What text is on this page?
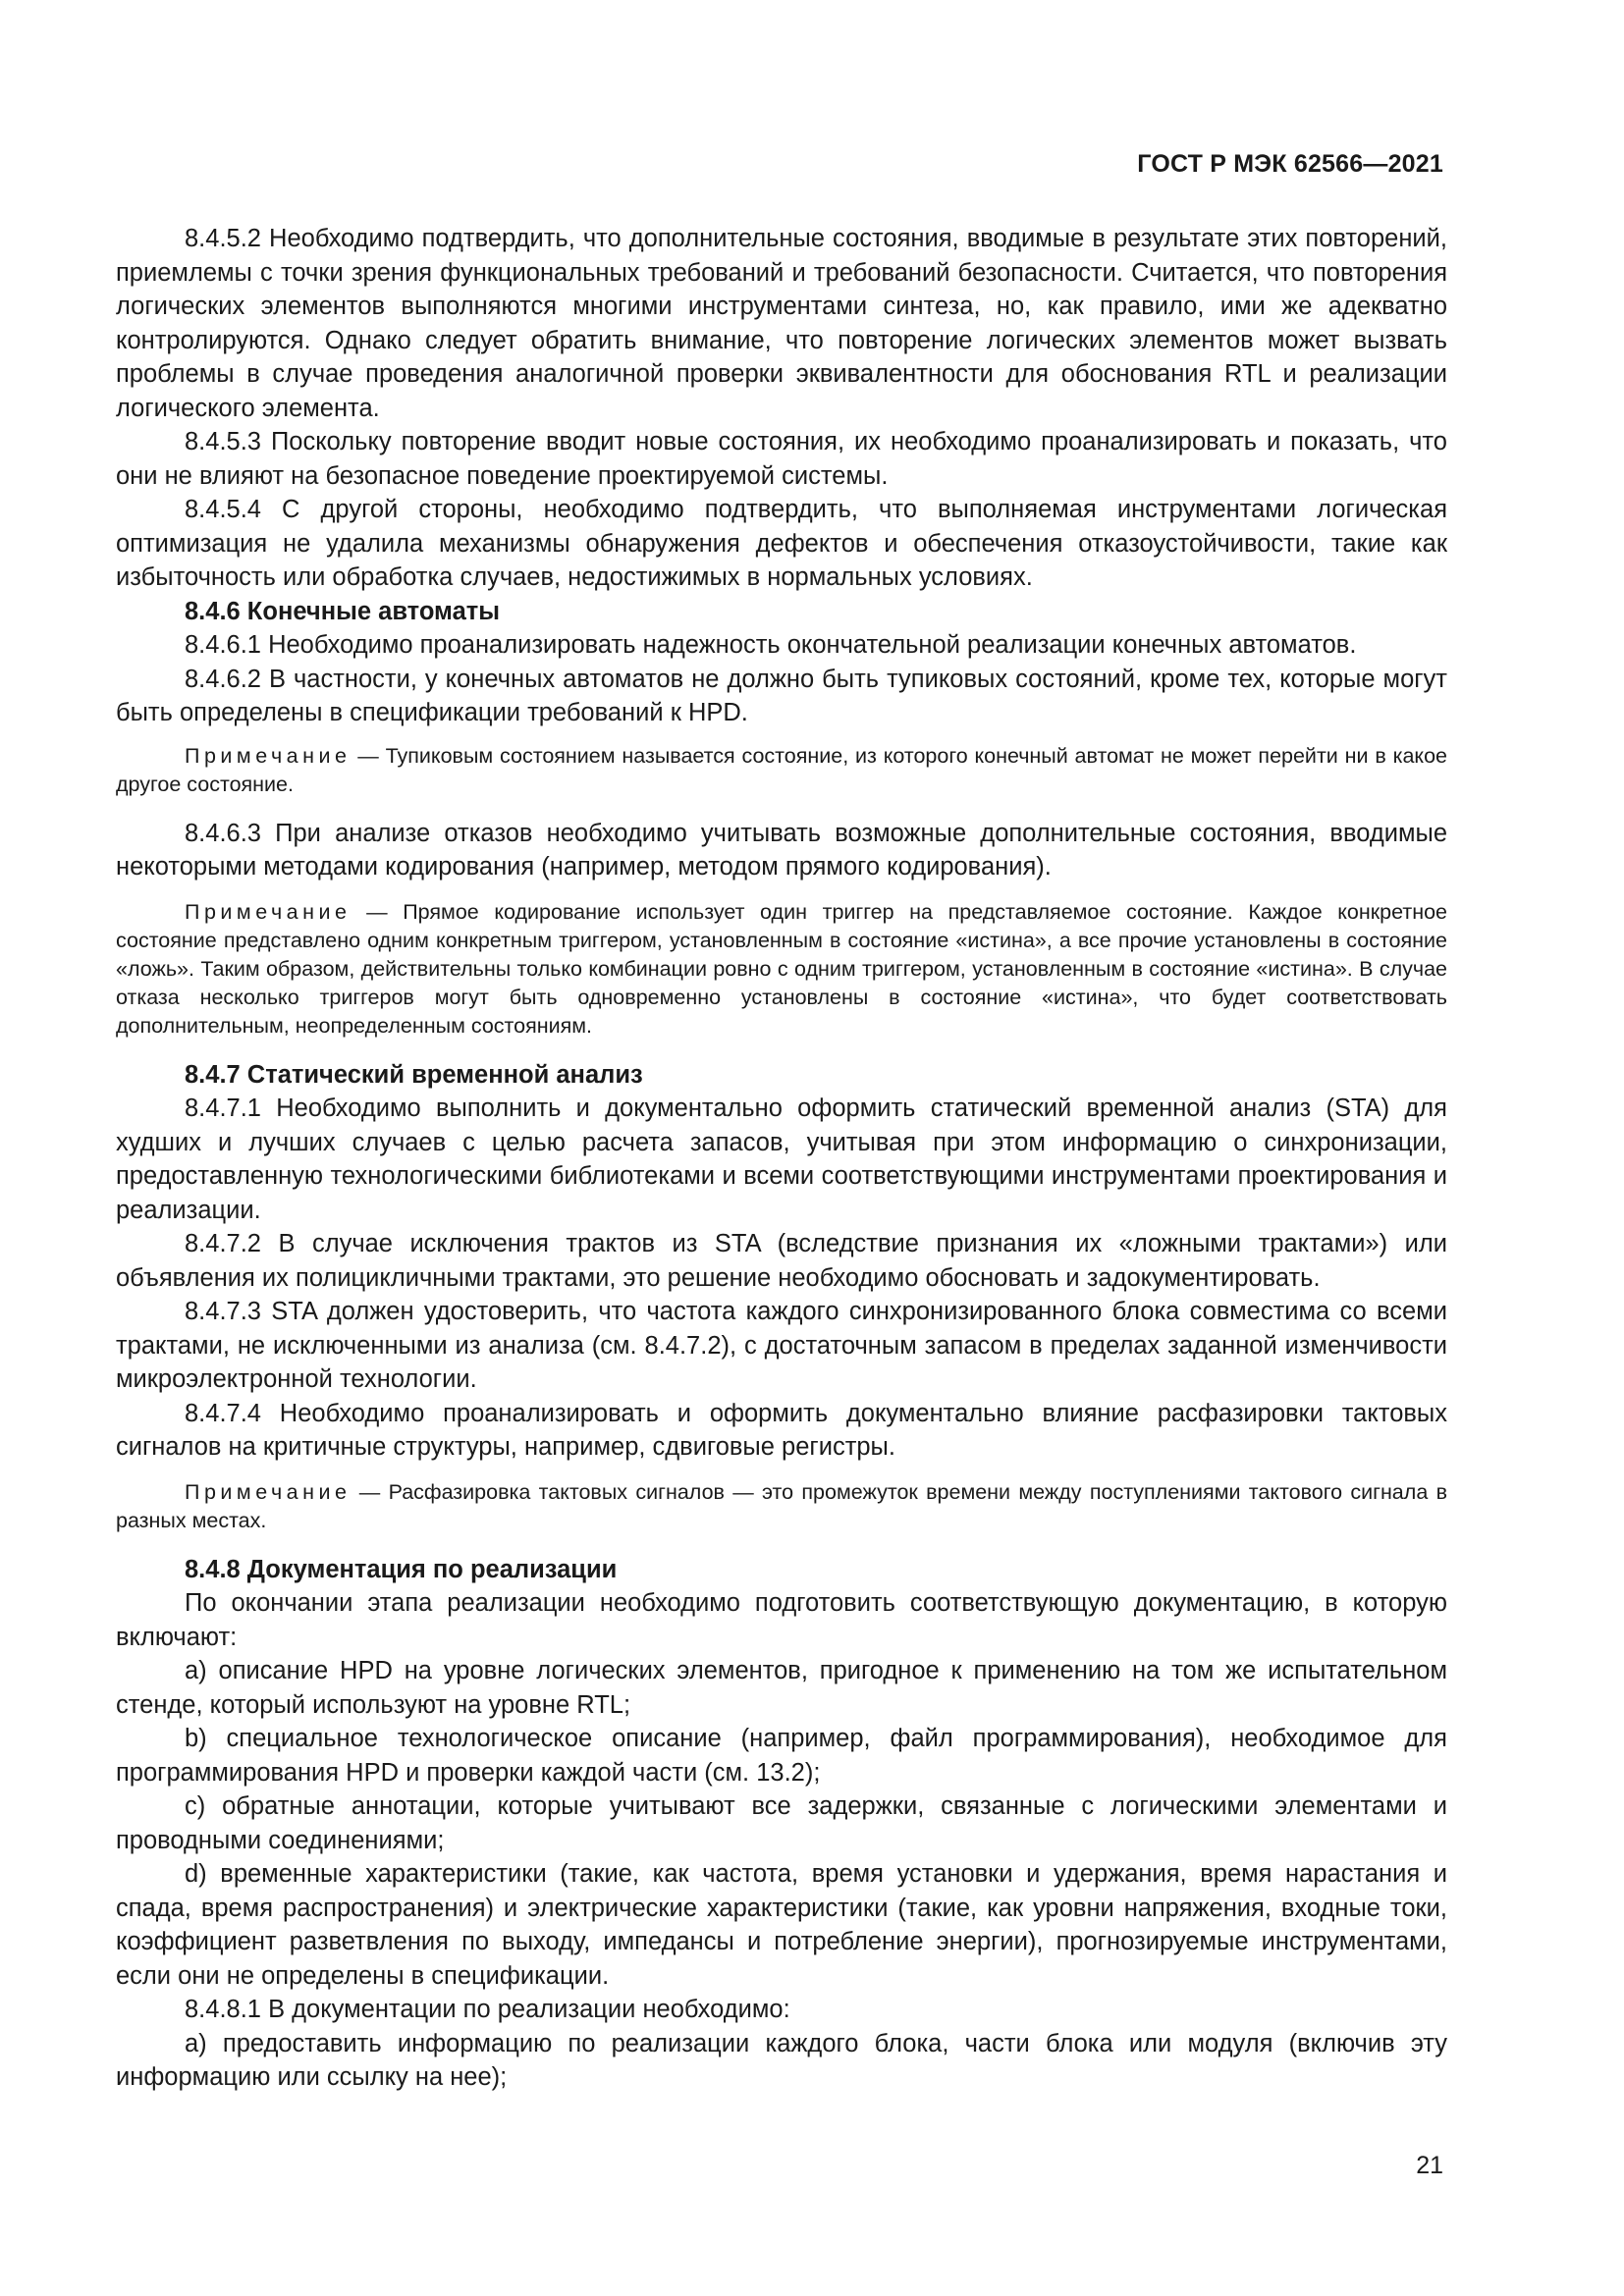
ГОСТ Р МЭК 62566—2021

8.4.5.2 Необходимо подтвердить, что дополнительные состояния, вводимые в результате этих повторений, приемлемы с точки зрения функциональных требований и требований безопасности. Считается, что повторения логических элементов выполняются многими инструментами синтеза, но, как правило, ими же адекватно контролируются. Однако следует обратить внимание, что повторение логических элементов может вызвать проблемы в случае проведения аналогичной проверки эквивалентности для обоснования RTL и реализации логического элемента.

8.4.5.3 Поскольку повторение вводит новые состояния, их необходимо проанализировать и показать, что они не влияют на безопасное поведение проектируемой системы.

8.4.5.4 С другой стороны, необходимо подтвердить, что выполняемая инструментами логическая оптимизация не удалила механизмы обнаружения дефектов и обеспечения отказоустойчивости, такие как избыточность или обработка случаев, недостижимых в нормальных условиях.

8.4.6 Конечные автоматы

8.4.6.1 Необходимо проанализировать надежность окончательной реализации конечных автоматов.

8.4.6.2 В частности, у конечных автоматов не должно быть тупиковых состояний, кроме тех, которые могут быть определены в спецификации требований к HPD.

Примечание — Тупиковым состоянием называется состояние, из которого конечный автомат не может перейти ни в какое другое состояние.

8.4.6.3 При анализе отказов необходимо учитывать возможные дополнительные состояния, вводимые некоторыми методами кодирования (например, методом прямого кодирования).

Примечание — Прямое кодирование использует один триггер на представляемое состояние. Каждое конкретное состояние представлено одним конкретным триггером, установленным в состояние «истина», а все прочие установлены в состояние «ложь». Таким образом, действительны только комбинации ровно с одним триггером, установленным в состояние «истина». В случае отказа несколько триггеров могут быть одновременно установлены в состояние «истина», что будет соответствовать дополнительным, неопределенным состояниям.

8.4.7 Статический временной анализ

8.4.7.1 Необходимо выполнить и документально оформить статический временной анализ (STA) для худших и лучших случаев с целью расчета запасов, учитывая при этом информацию о синхронизации, предоставленную технологическими библиотеками и всеми соответствующими инструментами проектирования и реализации.

8.4.7.2 В случае исключения трактов из STA (вследствие признания их «ложными трактами») или объявления их полицикличными трактами, это решение необходимо обосновать и задокументировать.

8.4.7.3 STA должен удостоверить, что частота каждого синхронизированного блока совместима со всеми трактами, не исключенными из анализа (см. 8.4.7.2), с достаточным запасом в пределах заданной изменчивости микроэлектронной технологии.

8.4.7.4 Необходимо проанализировать и оформить документально влияние расфазировки тактовых сигналов на критичные структуры, например, сдвиговые регистры.

Примечание — Расфазировка тактовых сигналов — это промежуток времени между поступлениями тактового сигнала в разных местах.

8.4.8 Документация по реализации

По окончании этапа реализации необходимо подготовить соответствующую документацию, в которую включают:

a) описание HPD на уровне логических элементов, пригодное к применению на том же испытательном стенде, который используют на уровне RTL;

b) специальное технологическое описание (например, файл программирования), необходимое для программирования HPD и проверки каждой части (см. 13.2);

c) обратные аннотации, которые учитывают все задержки, связанные с логическими элементами и проводными соединениями;

d) временные характеристики (такие, как частота, время установки и удержания, время нарастания и спада, время распространения) и электрические характеристики (такие, как уровни напряжения, входные токи, коэффициент разветвления по выходу, импедансы и потребление энергии), прогнозируемые инструментами, если они не определены в спецификации.

8.4.8.1 В документации по реализации необходимо:

a) предоставить информацию по реализации каждого блока, части блока или модуля (включив эту информацию или ссылку на нее);

21
